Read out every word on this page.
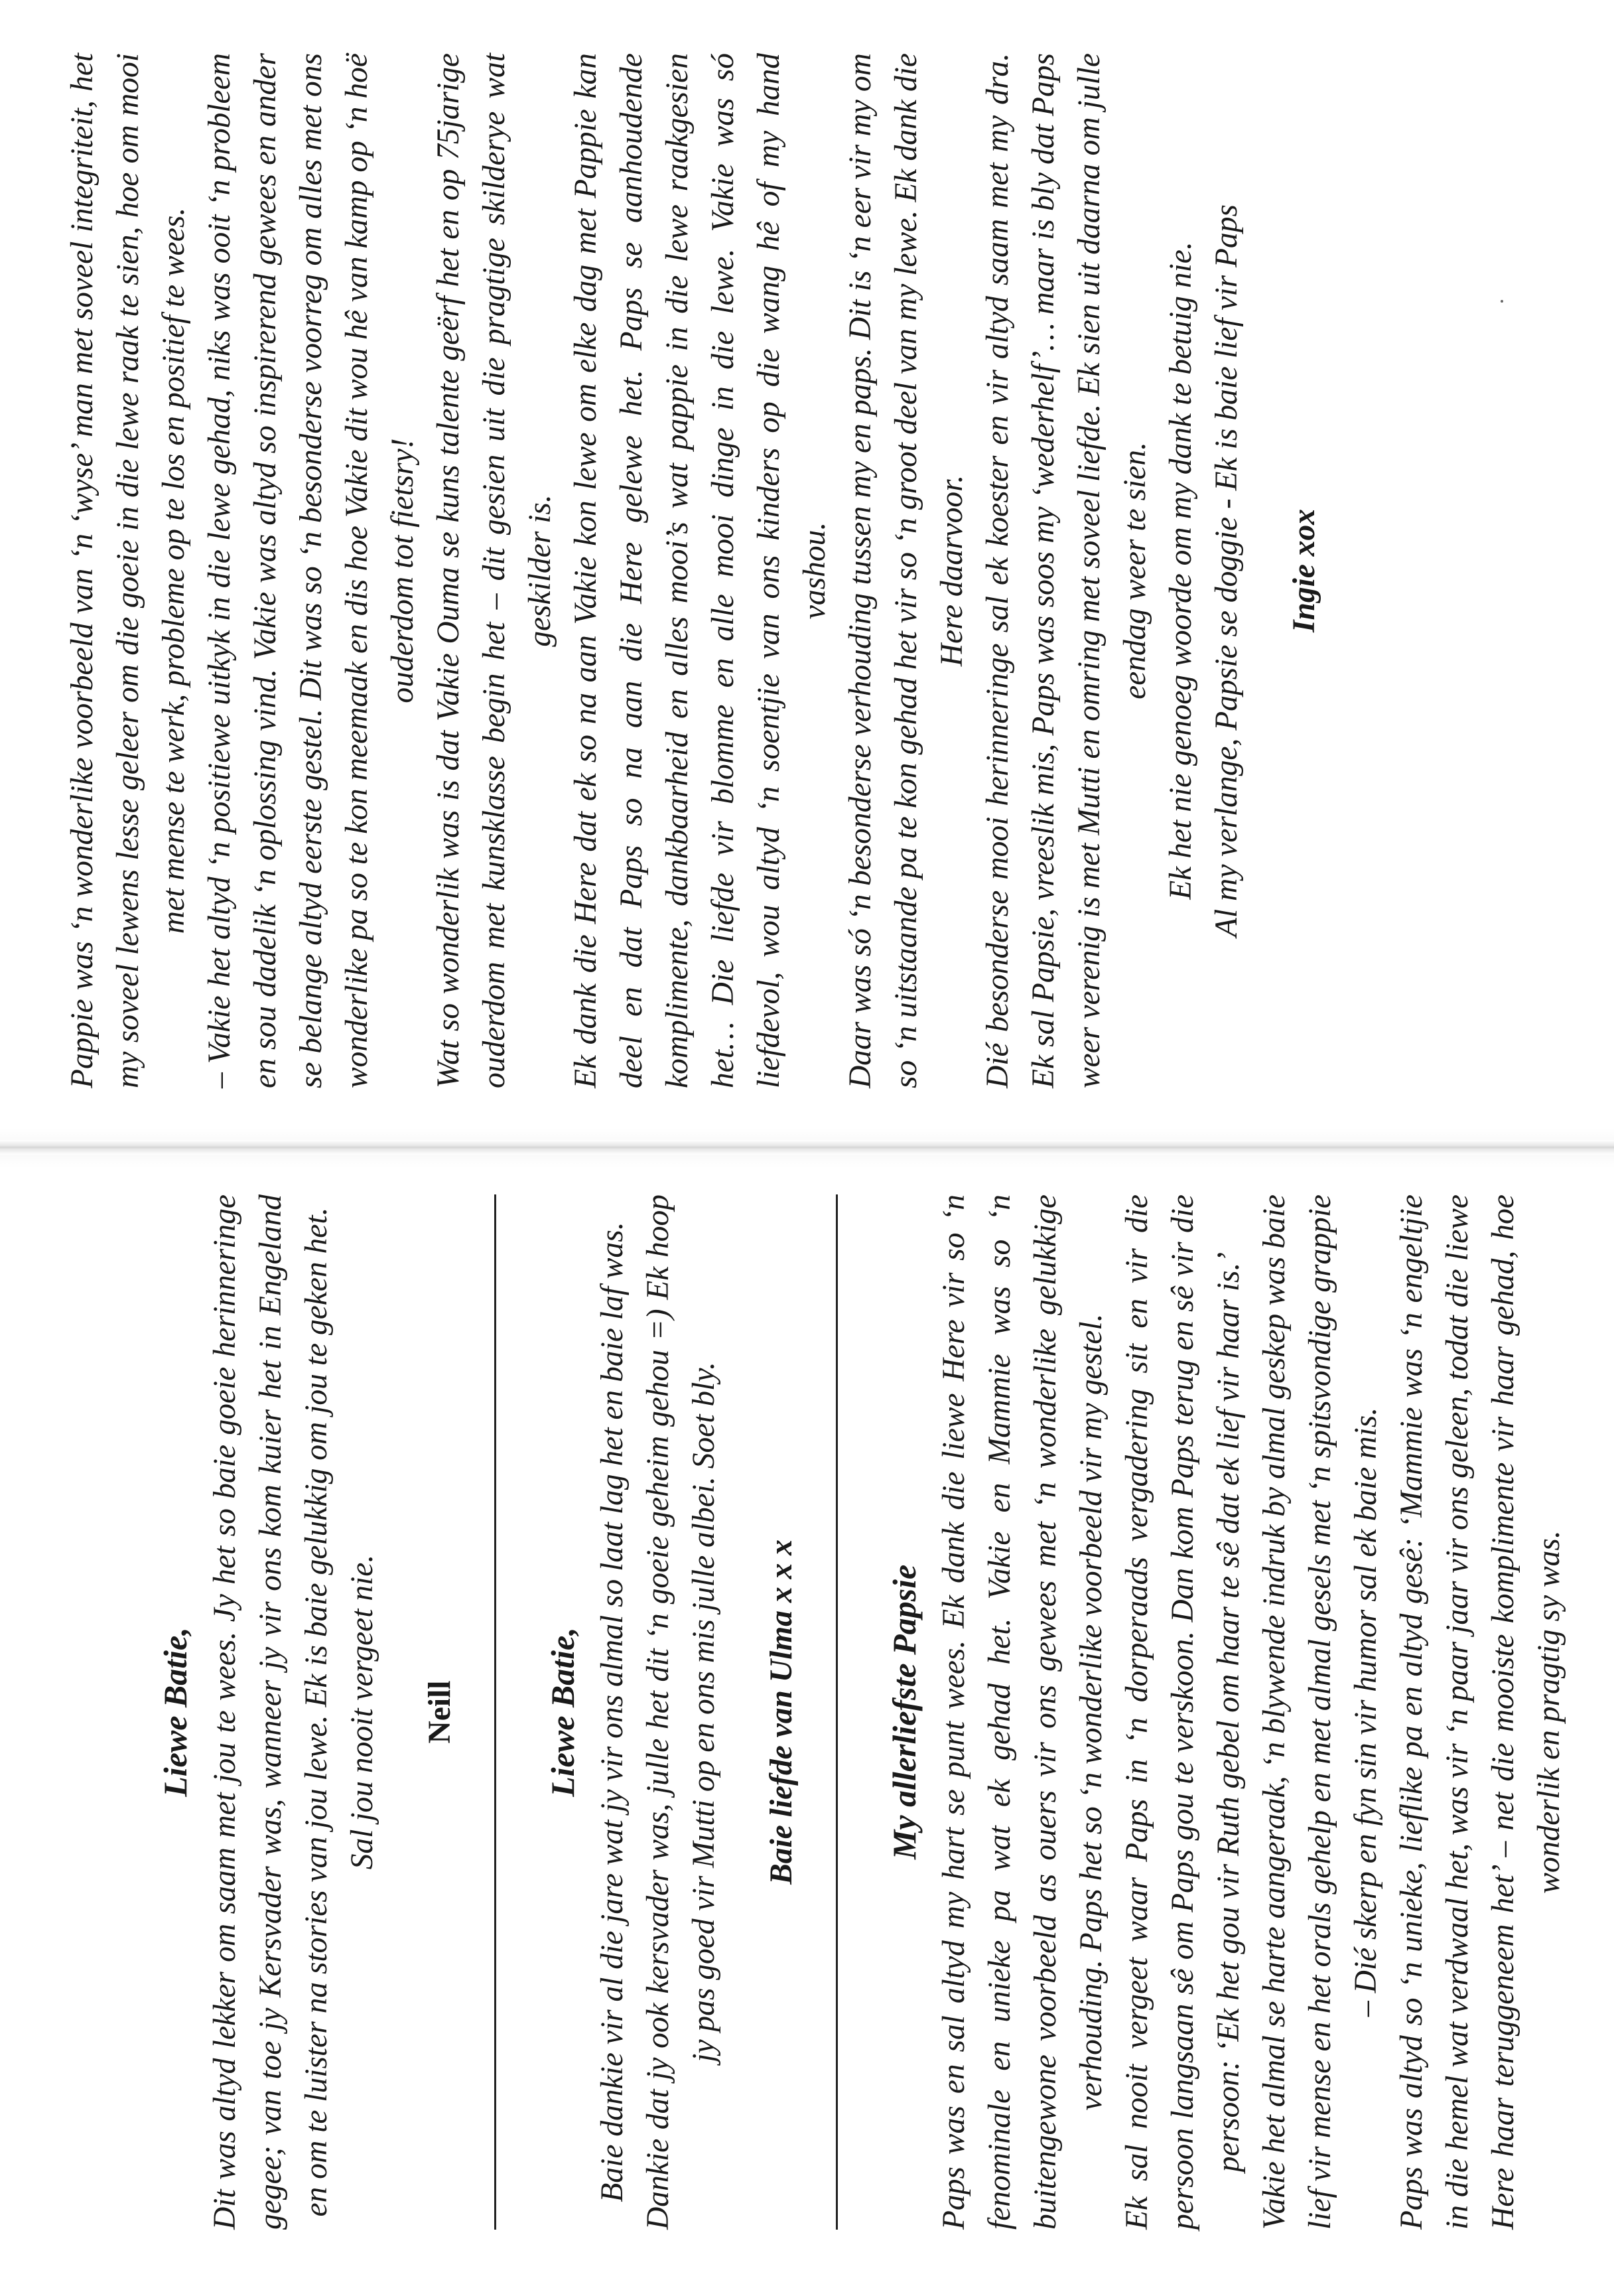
Pappie was ‘n wonderlike voorbeeld van ‘n ‘wyse’ man met soveel integriteit, het my soveel lewens lesse geleer om die goeie in die lewe raak te sien, hoe om mooi met mense te werk, probleme op te los en positief te wees. – Vakie het altyd ‘n positiewe uitkyk in die lewe gehad, niks was ooit ‘n probleem en sou dadelik ‘n oplossing vind. Vakie was altyd so inspirerend gewees en ander se belange altyd eerste gestel. Dit was so ‘n besonderse voorreg om alles met ons wonderlike pa so te kon meemaak en dis hoe Vakie dit wou hê van kamp op ‘n hoë ouderdom tot fietsry! Wat so wonderlik was is dat Vakie Ouma se kuns talente geërf het en op 75jarige ouderdom met kunsklasse begin het – dit gesien uit die pragtige skilderye wat geskilder is. Ek dank die Here dat ek so na aan Vakie kon lewe om elke dag met Pappie kan deel en dat Paps so na aan die Here gelewe het. Paps se aanhoudende komplimente, dankbaarheid en alles mooi’s wat pappie in die lewe raakgesien het… Die liefde vir blomme en alle mooi dinge in die lewe. Vakie was só liefdevol, wou altyd ‘n soentjie van ons kinders op die wang hê of my hand vashou. Daar was só ‘n besonderse verhouding tussen my en paps. Dit is ‘n eer vir my om so ‘n uitstaande pa te kon gehad het vir so ‘n groot deel van my lewe. Ek dank die Here daarvoor. Dié besonderse mooi herinneringe sal ek koester en vir altyd saam met my dra. Ek sal Papsie, vreeslik mis, Paps was soos my ‘wederhelf’… maar is bly dat Paps weer verenig is met Mutti en omring met soveel liefde. Ek sien uit daarna om julle eendag weer te sien. Ek het nie genoeg woorde om my dank te betuig nie. Al my verlange, Papsie se doggie - Ek is baie lief vir Paps Ingie xox

Liewe Batie, Dit was altyd lekker om saam met jou te wees. Jy het so baie goeie herinneringe gegee; van toe jy Kersvader was, wanneer jy vir ons kom kuier het in Engeland en om te luister na stories van jou lewe. Ek is baie gelukkig om jou te geken het. Sal jou nooit vergeet nie. Neill	Liewe Batie, Baie dankie vir al die jare wat jy vir ons almal so laat lag het en baie laf was. Dankie dat jy ook kersvader was, julle het dit ‘n goeie geheim gehou =) Ek hoop jy pas goed vir Mutti op en ons mis julle albei. Soet bly. Baie liefde van Ulma x x x	My allerliefste Papsie Paps was en sal altyd my hart se punt wees. Ek dank die liewe Here vir so ‘n fenominale en unieke pa wat ek gehad het. Vakie en Mammie was so ‘n buitengewone voorbeeld as ouers vir ons gewees met ‘n wonderlike gelukkige verhouding. Paps het so ‘n wonderlike voorbeeld vir my gestel. Ek sal nooit vergeet waar Paps in ‘n dorperaads vergadering sit en vir die persoon langsaan sê om Paps gou te verskoon. Dan kom Paps terug en sê vir die persoon: ‘Ek het gou vir Ruth gebel om haar te sê dat ek lief vir haar is.’ Vakie het almal se harte aangeraak, ‘n blywende indruk by almal geskep was baie lief vir mense en het orals gehelp en met almal gesels met ‘n spitsvondige grappie – Dié skerp en fyn sin vir humor sal ek baie mis. Paps was altyd so ‘n unieke, lieflike pa en altyd gesê: ‘Mammie was ‘n engeltjie in die hemel wat verdwaal het, was vir ‘n paar jaar vir ons geleen, todat die liewe Here haar teruggeneem het’ – net die mooiste komplimente vir haar gehad, hoe wonderlik en pragtig sy was.
